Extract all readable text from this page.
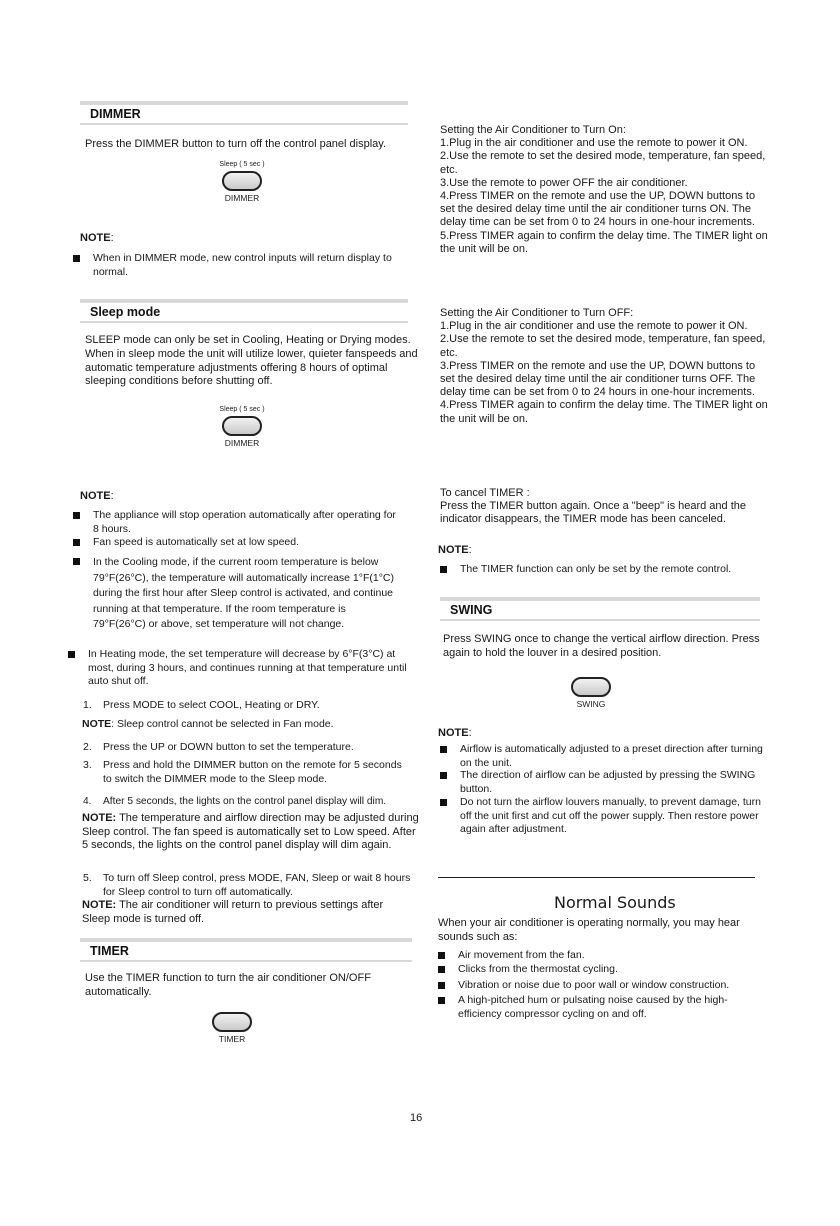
DIMMER
Press the DIMMER button to turn off the control panel display.
Sleep ( 5 sec )
DIMMER
NOTE:
When in DIMMER mode, new control inputs will return display to normal.
Sleep mode
SLEEP mode can only be set in Cooling, Heating or Drying modes. When in sleep mode the unit will utilize lower, quieter fanspeeds and automatic temperature adjustments offering 8 hours of optimal sleeping conditions before shutting off.
Sleep ( 5 sec )
DIMMER
NOTE:
The appliance will stop operation automatically after operating for 8 hours.
Fan speed is automatically set at low speed.
In the Cooling mode, if the current room temperature is below 79°F(26°C), the temperature will automatically increase 1°F(1°C) during the first hour after Sleep control is activated, and continue running at that temperature. If the room temperature is 79°F(26°C) or above, set temperature will not change.
In Heating mode, the set temperature will decrease by 6°F(3°C) at most, during 3 hours, and continues running at that temperature until auto shut off.
1. Press MODE to select COOL, Heating or DRY.
NOTE: Sleep control cannot be selected in Fan mode.
2. Press the UP or DOWN button to set the temperature.
3. Press and hold the DIMMER button on the remote for 5 seconds to switch the DIMMER mode to the Sleep mode.
4. After 5 seconds, the lights on the control panel display will dim.
NOTE: The temperature and airflow direction may be adjusted during Sleep control. The fan speed is automatically set to Low speed. After 5 seconds, the lights on the control panel display will dim again.
5. To turn off Sleep control, press MODE, FAN, Sleep or wait 8 hours for Sleep control to turn off automatically.
NOTE: The air conditioner will return to previous settings after Sleep mode is turned off.
TIMER
Use the TIMER function to turn the air conditioner ON/OFF automatically.
TIMER
Setting the Air Conditioner to Turn On:
1.Plug in the air conditioner and use the remote to power it ON.
2.Use the remote to set the desired mode, temperature, fan speed, etc.
3.Use the remote to power OFF the air conditioner.
4.Press TIMER on the remote and use the UP, DOWN buttons to set the desired delay time until the air conditioner turns ON. The delay time can be set from 0 to 24 hours in one-hour increments.
5.Press TIMER again to confirm the delay time. The TIMER light on the unit will be on.
Setting the Air Conditioner to Turn OFF:
1.Plug in the air conditioner and use the remote to power it ON.
2.Use the remote to set the desired mode, temperature, fan speed, etc.
3.Press TIMER on the remote and use the UP, DOWN buttons to set the desired delay time until the air conditioner turns OFF. The delay time can be set from 0 to 24 hours in one-hour increments.
4.Press TIMER again to confirm the delay time. The TIMER light on the unit will be on.
To cancel TIMER :
Press the TIMER button again. Once a "beep" is heard and the indicator disappears, the TIMER mode has been canceled.
NOTE:
The TIMER function can only be set by the remote control.
SWING
Press SWING once to change the vertical airflow direction. Press again to hold the louver in a desired position.
SWING
NOTE:
Airflow is automatically adjusted to a preset direction after turning on the unit.
The direction of airflow can be adjusted by pressing the SWING button.
Do not turn the airflow louvers manually, to prevent damage, turn off the unit first and cut off the power supply. Then restore power again after adjustment.
Normal Sounds
When your air conditioner is operating normally, you may hear sounds such as:
Air movement from the fan.
Clicks from the thermostat cycling.
Vibration or noise due to poor wall or window construction.
A high-pitched hum or pulsating noise caused by the high-efficiency compressor cycling on and off.
16
